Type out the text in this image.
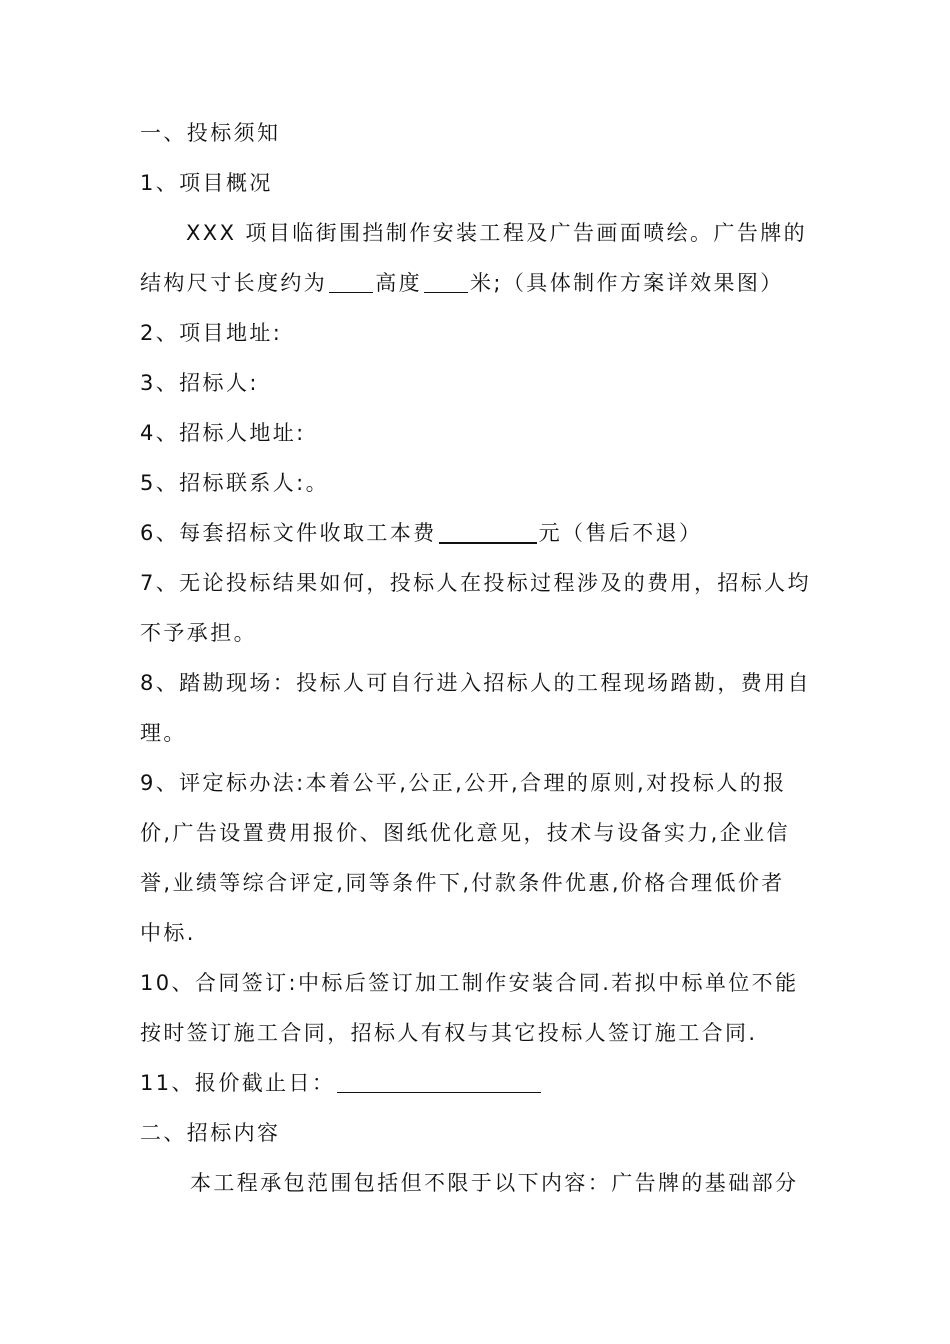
一、投标须知
1、项目概况
XXX 项目临街围挡制作安装工程及广告画面喷绘。广告牌的
结构尺寸长度约为 高度 米;（具体制作方案详效果图）
2、项目地址:
3、招标人:
4、招标人地址:
5、招标联系人:。
6、每套招标文件收取工本费	元（售后不退）
7、无论投标结果如何，投标人在投标过程涉及的费用，招标人均
不予承担。
8、踏勘现场：投标人可自行进入招标人的工程现场踏勘，费用自
理。
9、评定标办法:本着公平,公正,公开,合理的原则,对投标人的报
价,广告设置费用报价、图纸优化意见，技术与设备实力,企业信
誉,业绩等综合评定,同等条件下,付款条件优惠,价格合理低价者
中标.
10、合同签订:中标后签订加工制作安装合同.若拟中标单位不能
按时签订施工合同，招标人有权与其它投标人签订施工合同.
11、报价截止日：
二、招标内容
本工程承包范围包括但不限于以下内容：广告牌的基础部分
